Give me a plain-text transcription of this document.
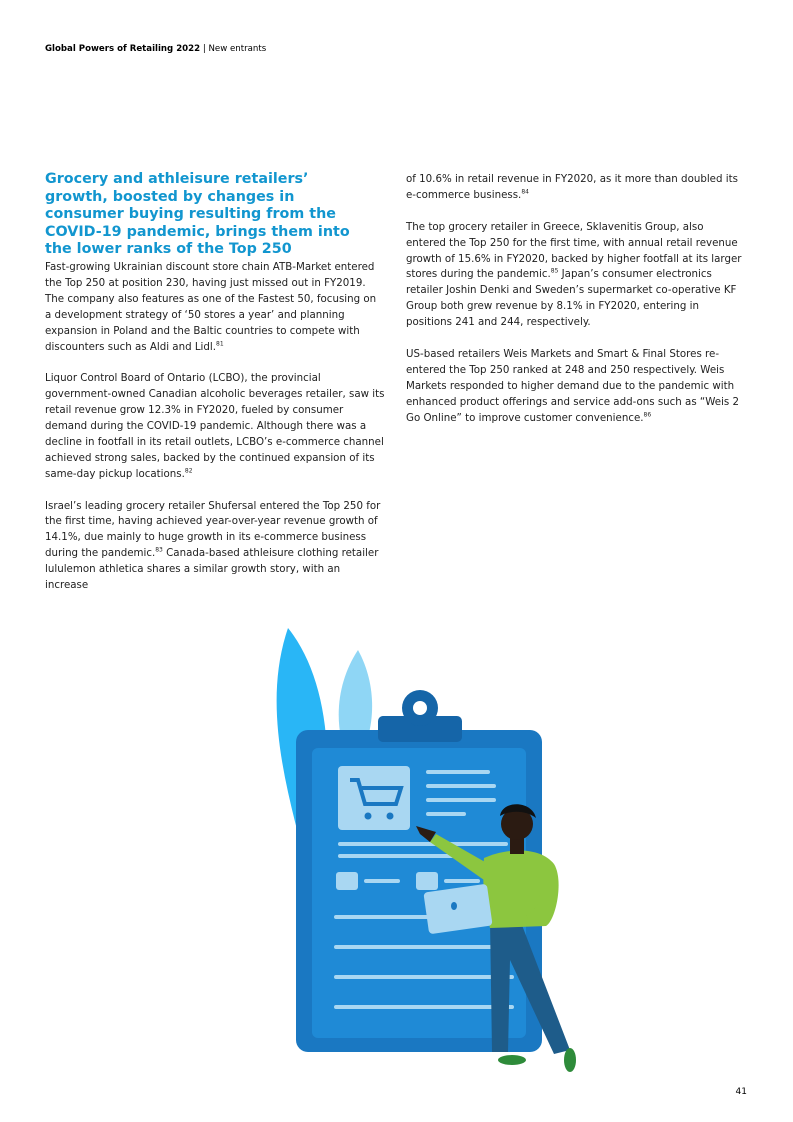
Global Powers of Retailing 2022 | New entrants
Grocery and athleisure retailers’ growth, boosted by changes in consumer buying resulting from the COVID-19 pandemic, brings them into the lower ranks of the Top 250

Fast-growing Ukrainian discount store chain ATB-Market entered the Top 250 at position 230, having just missed out in FY2019. The company also features as one of the Fastest 50, focusing on a development strategy of ‘50 stores a year’ and planning expansion in Poland and the Baltic countries to compete with discounters such as Aldi and Lidl.$^{81}$

Liquor Control Board of Ontario (LCBO), the provincial government-owned Canadian alcoholic beverages retailer, saw its retail revenue grow 12.3% in FY2020, fueled by consumer demand during the COVID-19 pandemic. Although there was a decline in footfall in its retail outlets, LCBO’s e-commerce channel achieved strong sales, backed by the continued expansion of its same-day pickup locations.$^{82}$

Israel’s leading grocery retailer Shufersal entered the Top 250 for the first time, having achieved year-over-year revenue growth of 14.1%, due mainly to huge growth in its e-commerce business during the pandemic.$^{83}$ Canada-based athleisure clothing retailer lululemon athletica shares a similar growth story, with an increase

of 10.6% in retail revenue in FY2020, as it more than doubled its e-commerce business.$^{84}$

The top grocery retailer in Greece, Sklavenitis Group, also entered the Top 250 for the first time, with annual retail revenue growth of 15.6% in FY2020, backed by higher footfall at its larger stores during the pandemic.$^{85}$ Japan’s consumer electronics retailer Joshin Denki and Sweden’s supermarket co-operative KF Group both grew revenue by 8.1% in FY2020, entering in positions 241 and 244, respectively.

US-based retailers Weis Markets and Smart & Final Stores re-entered the Top 250 ranked at 248 and 250 respectively. Weis Markets responded to higher demand due to the pandemic with enhanced product offerings and service add-ons such as “Weis 2 Go Online” to improve customer convenience.$^{86}$

41
